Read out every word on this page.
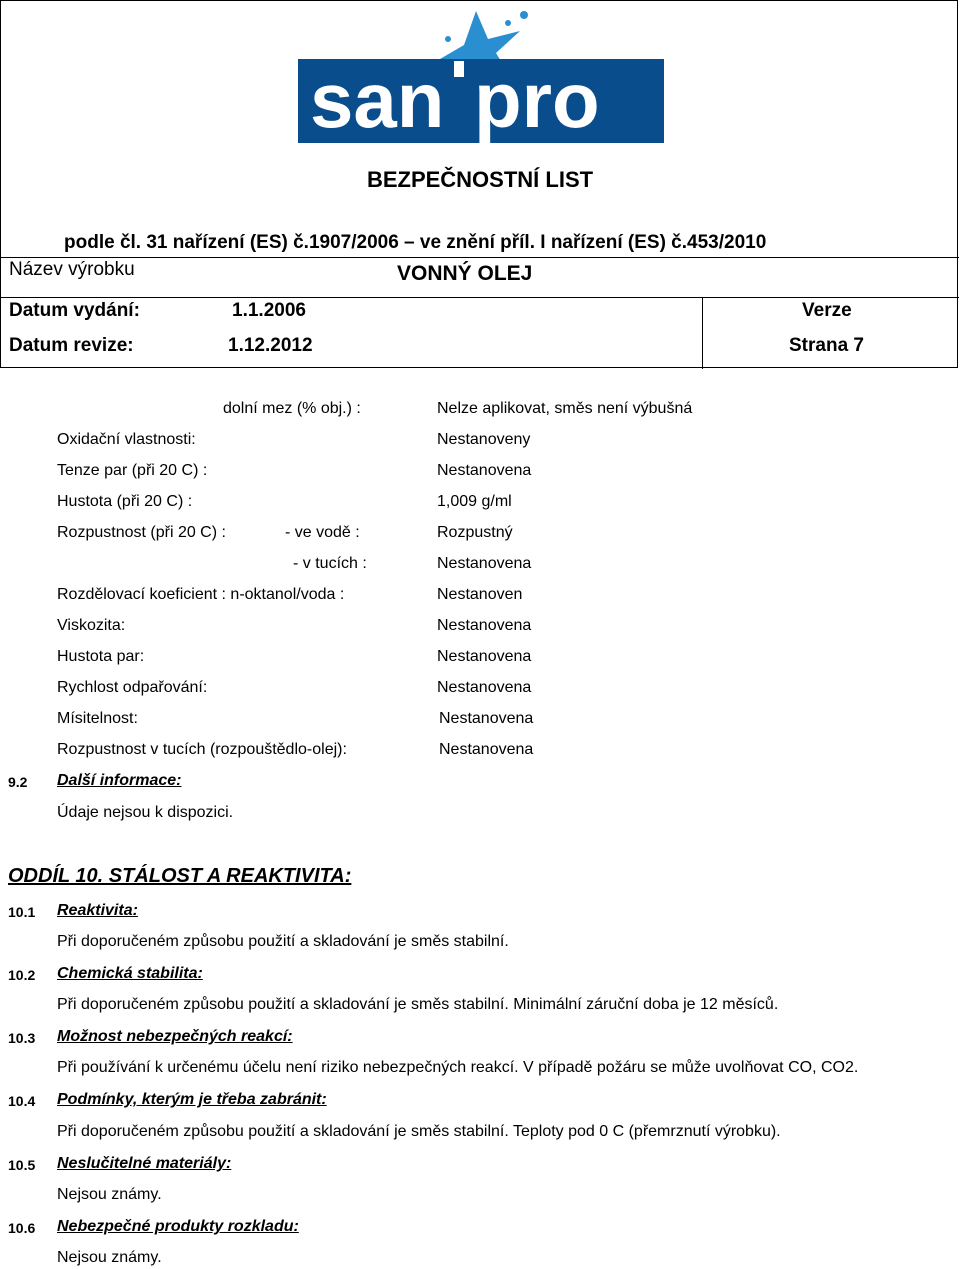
san pro
BEZPEČNOSTNÍ LIST
podle čl. 31 nařízení (ES) č.1907/2006 – ve znění příl. I nařízení (ES) č.453/2010
Název výrobku	VONNÝ OLEJ
Datum vydání:	1.1.2006	Verze
Datum revize:	1.12.2012	Strana 7
dolní mez (% obj.) :	Nelze aplikovat, směs není výbušná
Oxidační vlastnosti:	Nestanoveny
Tenze par (při 20 C) :	Nestanovena
Hustota (při 20 C) :	1,009 g/ml
Rozpustnost (při 20 C) :	- ve vodě :	Rozpustný
- v tucích :	Nestanovena
Rozdělovací koeficient : n-oktanol/voda :	Nestanoven
Viskozita:	Nestanovena
Hustota par:	Nestanovena
Rychlost odpařování:	Nestanovena
Mísitelnost:	Nestanovena
Rozpustnost v tucích (rozpouštědlo-olej):	Nestanovena
9.2 Další informace:
Údaje nejsou k dispozici.
ODDÍL 10. STÁLOST A REAKTIVITA:
10.1 Reaktivita:
Při doporučeném způsobu použití a skladování je směs stabilní.
10.2 Chemická stabilita:
Při doporučeném způsobu použití a skladování je směs stabilní. Minimální záruční doba je 12 měsíců.
10.3 Možnost nebezpečných reakcí:
Při používání k určenému účelu není riziko nebezpečných reakcí. V případě požáru se může uvolňovat CO, CO2.
10.4 Podmínky, kterým je třeba zabránit:
Při doporučeném způsobu použití a skladování je směs stabilní. Teploty pod 0 C (přemrznutí výrobku).
10.5 Neslučitelné materiály:
Nejsou známy.
10.6 Nebezpečné produkty rozkladu:
Nejsou známy.
